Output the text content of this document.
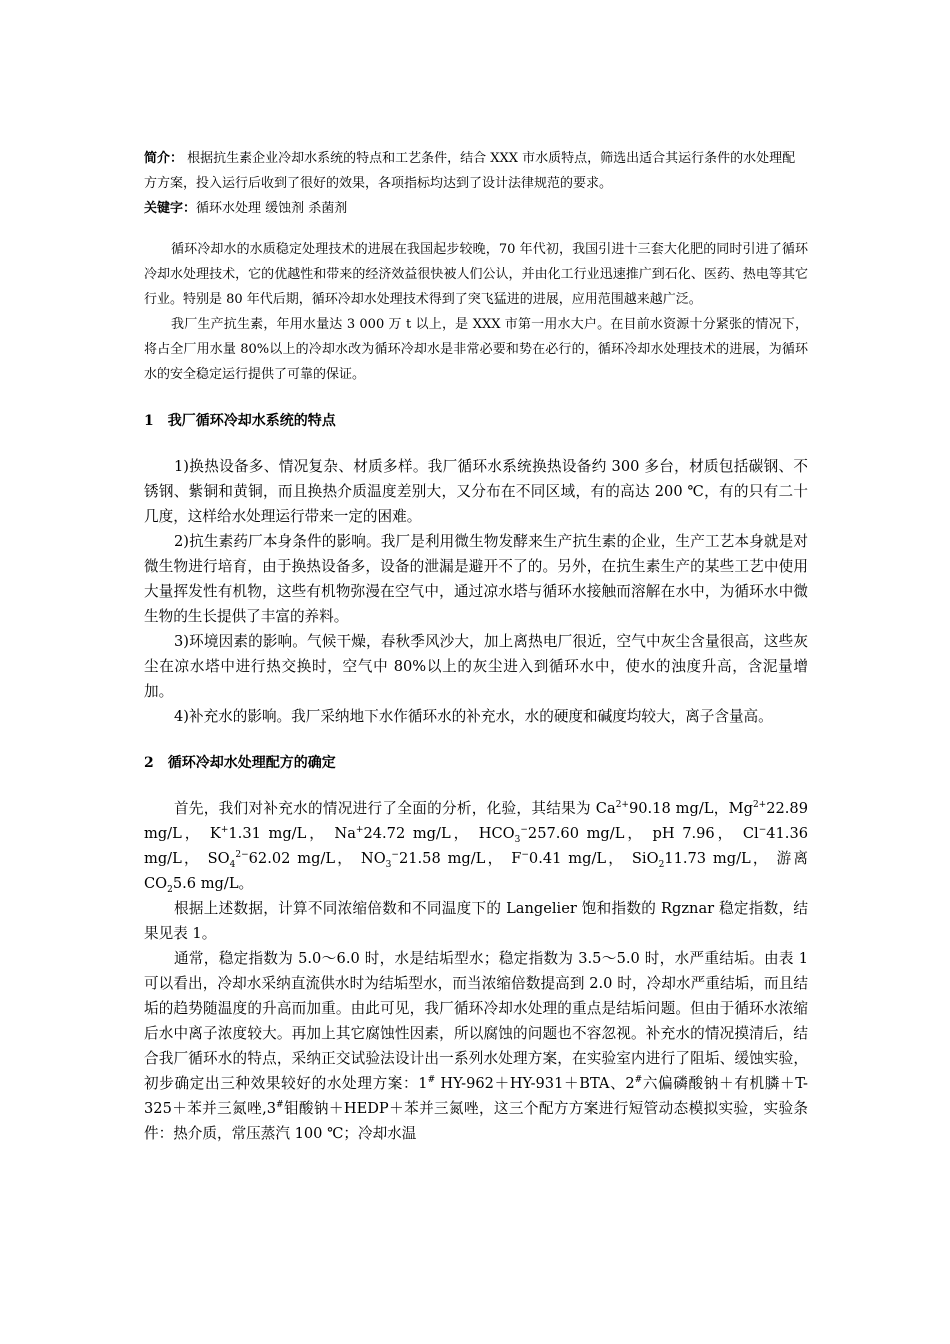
简介： 根据抗生素企业冷却水系统的特点和工艺条件，结合 XXX 市水质特点，筛选出适合其运行条件的水处理配方方案，投入运行后收到了很好的效果，各项指标均达到了设计法律规范的要求。

关键字：循环水处理 缓蚀剂 杀菌剂

循环冷却水的水质稳定处理技术的进展在我国起步较晚，70 年代初，我国引进十三套大化肥的同时引进了循环冷却水处理技术，它的优越性和带来的经济效益很快被人们公认，并由化工行业迅速推广到石化、医药、热电等其它行业。特别是 80 年代后期，循环冷却水处理技术得到了突飞猛进的进展，应用范围越来越广泛。

我厂生产抗生素，年用水量达 3 000 万 t 以上，是 XXX 市第一用水大户。在目前水资源十分紧张的情况下，将占全厂用水量 80%以上的冷却水改为循环冷却水是非常必要和势在必行的，循环冷却水处理技术的进展，为循环水的安全稳定运行提供了可靠的保证。

1　我厂循环冷却水系统的特点

1)换热设备多、情况复杂、材质多样。我厂循环水系统换热设备约 300 多台，材质包括碳钢、不锈钢、紫铜和黄铜，而且换热介质温度差别大，又分布在不同区域，有的高达 200 ℃，有的只有二十几度，这样给水处理运行带来一定的困难。

2)抗生素药厂本身条件的影响。我厂是利用微生物发酵来生产抗生素的企业，生产工艺本身就是对微生物进行培育，由于换热设备多，设备的泄漏是避开不了的。另外，在抗生素生产的某些工艺中使用大量挥发性有机物，这些有机物弥漫在空气中，通过凉水塔与循环水接触而溶解在水中，为循环水中微生物的生长提供了丰富的养料。

3)环境因素的影响。气候干燥，春秋季风沙大，加上离热电厂很近，空气中灰尘含量很高，这些灰尘在凉水塔中进行热交换时，空气中 80%以上的灰尘进入到循环水中，使水的浊度升高，含泥量增加。

4)补充水的影响。我厂采纳地下水作循环水的补充水，水的硬度和碱度均较大，离子含量高。

2　循环冷却水处理配方的确定

首先，我们对补充水的情况进行了全面的分析，化验，其结果为 $Ca^{2+}90.18$ mg/L，$Mg^{2+}22.89$ mg/L， K+1.31 mg/L， Na+24.72 mg/L， $HCO_3^-257.60$ mg/L， pH 7.96， Cl−41.36 mg/L， $SO_4^{2-}62.02$ mg/L， $NO_3^-21.58$ mg/L， F−0.41 mg/L， SiO$_2$11.73 mg/L， 游离 $CO_25.6$ mg/L。

根据上述数据，计算不同浓缩倍数和不同温度下的 Langelier 饱和指数的 Rgznar 稳定指数，结果见表 1。

通常，稳定指数为 5.0～6.0 时，水是结垢型水；稳定指数为 3.5～5.0 时，水严重结垢。由表 1 可以看出，冷却水采纳直流供水时为结垢型水，而当浓缩倍数提高到 2.0 时，冷却水严重结垢，而且结垢的趋势随温度的升高而加重。由此可见，我厂循环冷却水处理的重点是结垢问题。但由于循环水浓缩后水中离子浓度较大。再加上其它腐蚀性因素，所以腐蚀的问题也不容忽视。补充水的情况摸清后，结合我厂循环水的特点，采纳正交试验法设计出一系列水处理方案，在实验室内进行了阻垢、缓蚀实验，初步确定出三种效果较好的水处理方案：1# HY-962＋HY-931＋BTA、2#六偏磷酸钠＋有机膦＋T-325＋苯并三氮唑,3#钼酸钠＋HEDP＋苯并三氮唑，这三个配方方案进行短管动态模拟实验，实验条件：热介质，常压蒸汽 100 ℃；冷却水温
